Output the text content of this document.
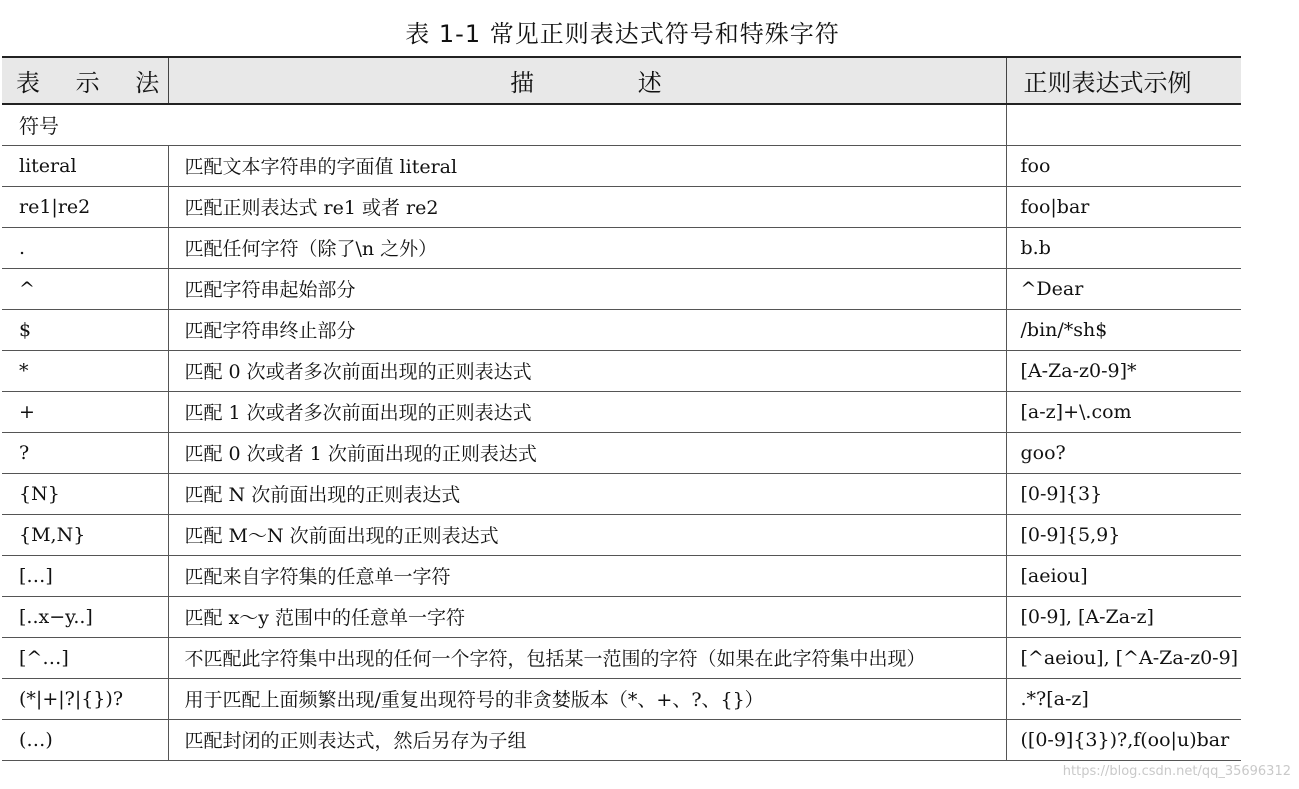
表 1-1 常见正则表达式符号和特殊字符
表 示 法	描 述	正则表达式示例
符号		
literal	匹配文本字符串的字面值 literal	foo
re1|re2	匹配正则表达式 re1 或者 re2	foo|bar
.	匹配任何字符（除了\n 之外）	b.b
^	匹配字符串起始部分	^Dear
$	匹配字符串终止部分	/bin/*sh$
*	匹配 0 次或者多次前面出现的正则表达式	[A-Za-z0-9]*
+	匹配 1 次或者多次前面出现的正则表达式	[a-z]+\.com
?	匹配 0 次或者 1 次前面出现的正则表达式	goo?
{N}	匹配 N 次前面出现的正则表达式	[0-9]{3}
{M,N}	匹配 M～N 次前面出现的正则表达式	[0-9]{5,9}
[…]	匹配来自字符集的任意单一字符	[aeiou]
[..x−y..]	匹配 x～y 范围中的任意单一字符	[0-9], [A-Za-z]
[^…]	不匹配此字符集中出现的任何一个字符，包括某一范围的字符（如果在此字符集中出现）	[^aeiou], [^A-Za-z0-9]
(*|+|?|{})?	用于匹配上面频繁出现/重复出现符号的非贪婪版本（*、+、?、{}）	.*?[a-z]
(…)	匹配封闭的正则表达式，然后另存为子组	([0-9]{3})?,f(oo|u)bar
https://blog.csdn.net/qq_35696312
